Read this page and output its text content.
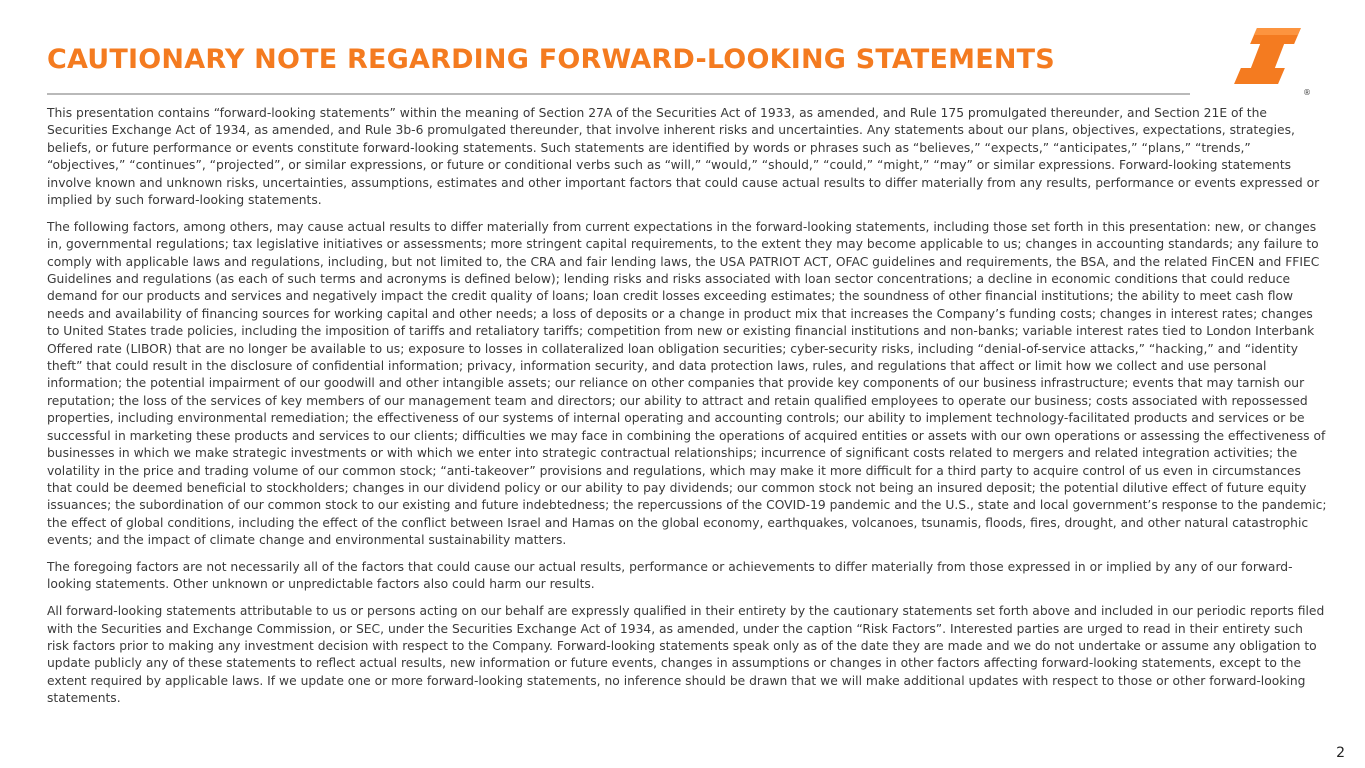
CAUTIONARY NOTE REGARDING FORWARD-LOOKING STATEMENTS
®

This presentation contains “forward-looking statements” within the meaning of Section 27A of the Securities Act of 1933, as amended, and Rule 175 promulgated thereunder, and Section 21E of the Securities Exchange Act of 1934, as amended, and Rule 3b-6 promulgated thereunder, that involve inherent risks and uncertainties. Any statements about our plans, objectives, expectations, strategies, beliefs, or future performance or events constitute forward-looking statements. Such statements are identified by words or phrases such as “believes,” “expects,” “anticipates,” “plans,” “trends,” “objectives,” “continues”, “projected”, or similar expressions, or future or conditional verbs such as “will,” “would,” “should,” “could,” “might,” “may” or similar expressions. Forward-looking statements involve known and unknown risks, uncertainties, assumptions, estimates and other important factors that could cause actual results to differ materially from any results, performance or events expressed or implied by such forward-looking statements.

The following factors, among others, may cause actual results to differ materially from current expectations in the forward-looking statements, including those set forth in this presentation: new, or changes in, governmental regulations; tax legislative initiatives or assessments; more stringent capital requirements, to the extent they may become applicable to us; changes in accounting standards; any failure to comply with applicable laws and regulations, including, but not limited to, the CRA and fair lending laws, the USA PATRIOT ACT, OFAC guidelines and requirements, the BSA, and the related FinCEN and FFIEC Guidelines and regulations (as each of such terms and acronyms is defined below); lending risks and risks associated with loan sector concentrations; a decline in economic conditions that could reduce demand for our products and services and negatively impact the credit quality of loans; loan credit losses exceeding estimates; the soundness of other financial institutions; the ability to meet cash flow needs and availability of financing sources for working capital and other needs; a loss of deposits or a change in product mix that increases the Company’s funding costs; changes in interest rates; changes to United States trade policies, including the imposition of tariffs and retaliatory tariffs; competition from new or existing financial institutions and non-banks; variable interest rates tied to London Interbank Offered rate (LIBOR) that are no longer be available to us; exposure to losses in collateralized loan obligation securities; cyber-security risks, including “denial-of-service attacks,” “hacking,” and “identity theft” that could result in the disclosure of confidential information; privacy, information security, and data protection laws, rules, and regulations that affect or limit how we collect and use personal information; the potential impairment of our goodwill and other intangible assets; our reliance on other companies that provide key components of our business infrastructure; events that may tarnish our reputation; the loss of the services of key members of our management team and directors; our ability to attract and retain qualified employees to operate our business; costs associated with repossessed properties, including environmental remediation; the effectiveness of our systems of internal operating and accounting controls; our ability to implement technology-facilitated products and services or be successful in marketing these products and services to our clients; difficulties we may face in combining the operations of acquired entities or assets with our own operations or assessing the effectiveness of businesses in which we make strategic investments or with which we enter into strategic contractual relationships; incurrence of significant costs related to mergers and related integration activities; the volatility in the price and trading volume of our common stock; “anti-takeover” provisions and regulations, which may make it more difficult for a third party to acquire control of us even in circumstances that could be deemed beneficial to stockholders; changes in our dividend policy or our ability to pay dividends; our common stock not being an insured deposit; the potential dilutive effect of future equity issuances; the subordination of our common stock to our existing and future indebtedness; the repercussions of the COVID-19 pandemic and the U.S., state and local government’s response to the pandemic; the effect of global conditions, including the effect of the conflict between Israel and Hamas on the global economy, earthquakes, volcanoes, tsunamis, floods, fires, drought, and other natural catastrophic events; and the impact of climate change and environmental sustainability matters.

The foregoing factors are not necessarily all of the factors that could cause our actual results, performance or achievements to differ materially from those expressed in or implied by any of our forward-looking statements. Other unknown or unpredictable factors also could harm our results.

All forward-looking statements attributable to us or persons acting on our behalf are expressly qualified in their entirety by the cautionary statements set forth above and included in our periodic reports filed with the Securities and Exchange Commission, or SEC, under the Securities Exchange Act of 1934, as amended, under the caption “Risk Factors”. Interested parties are urged to read in their entirety such risk factors prior to making any investment decision with respect to the Company. Forward-looking statements speak only as of the date they are made and we do not undertake or assume any obligation to update publicly any of these statements to reflect actual results, new information or future events, changes in assumptions or changes in other factors affecting forward-looking statements, except to the extent required by applicable laws. If we update one or more forward-looking statements, no inference should be drawn that we will make additional updates with respect to those or other forward-looking statements.

2
